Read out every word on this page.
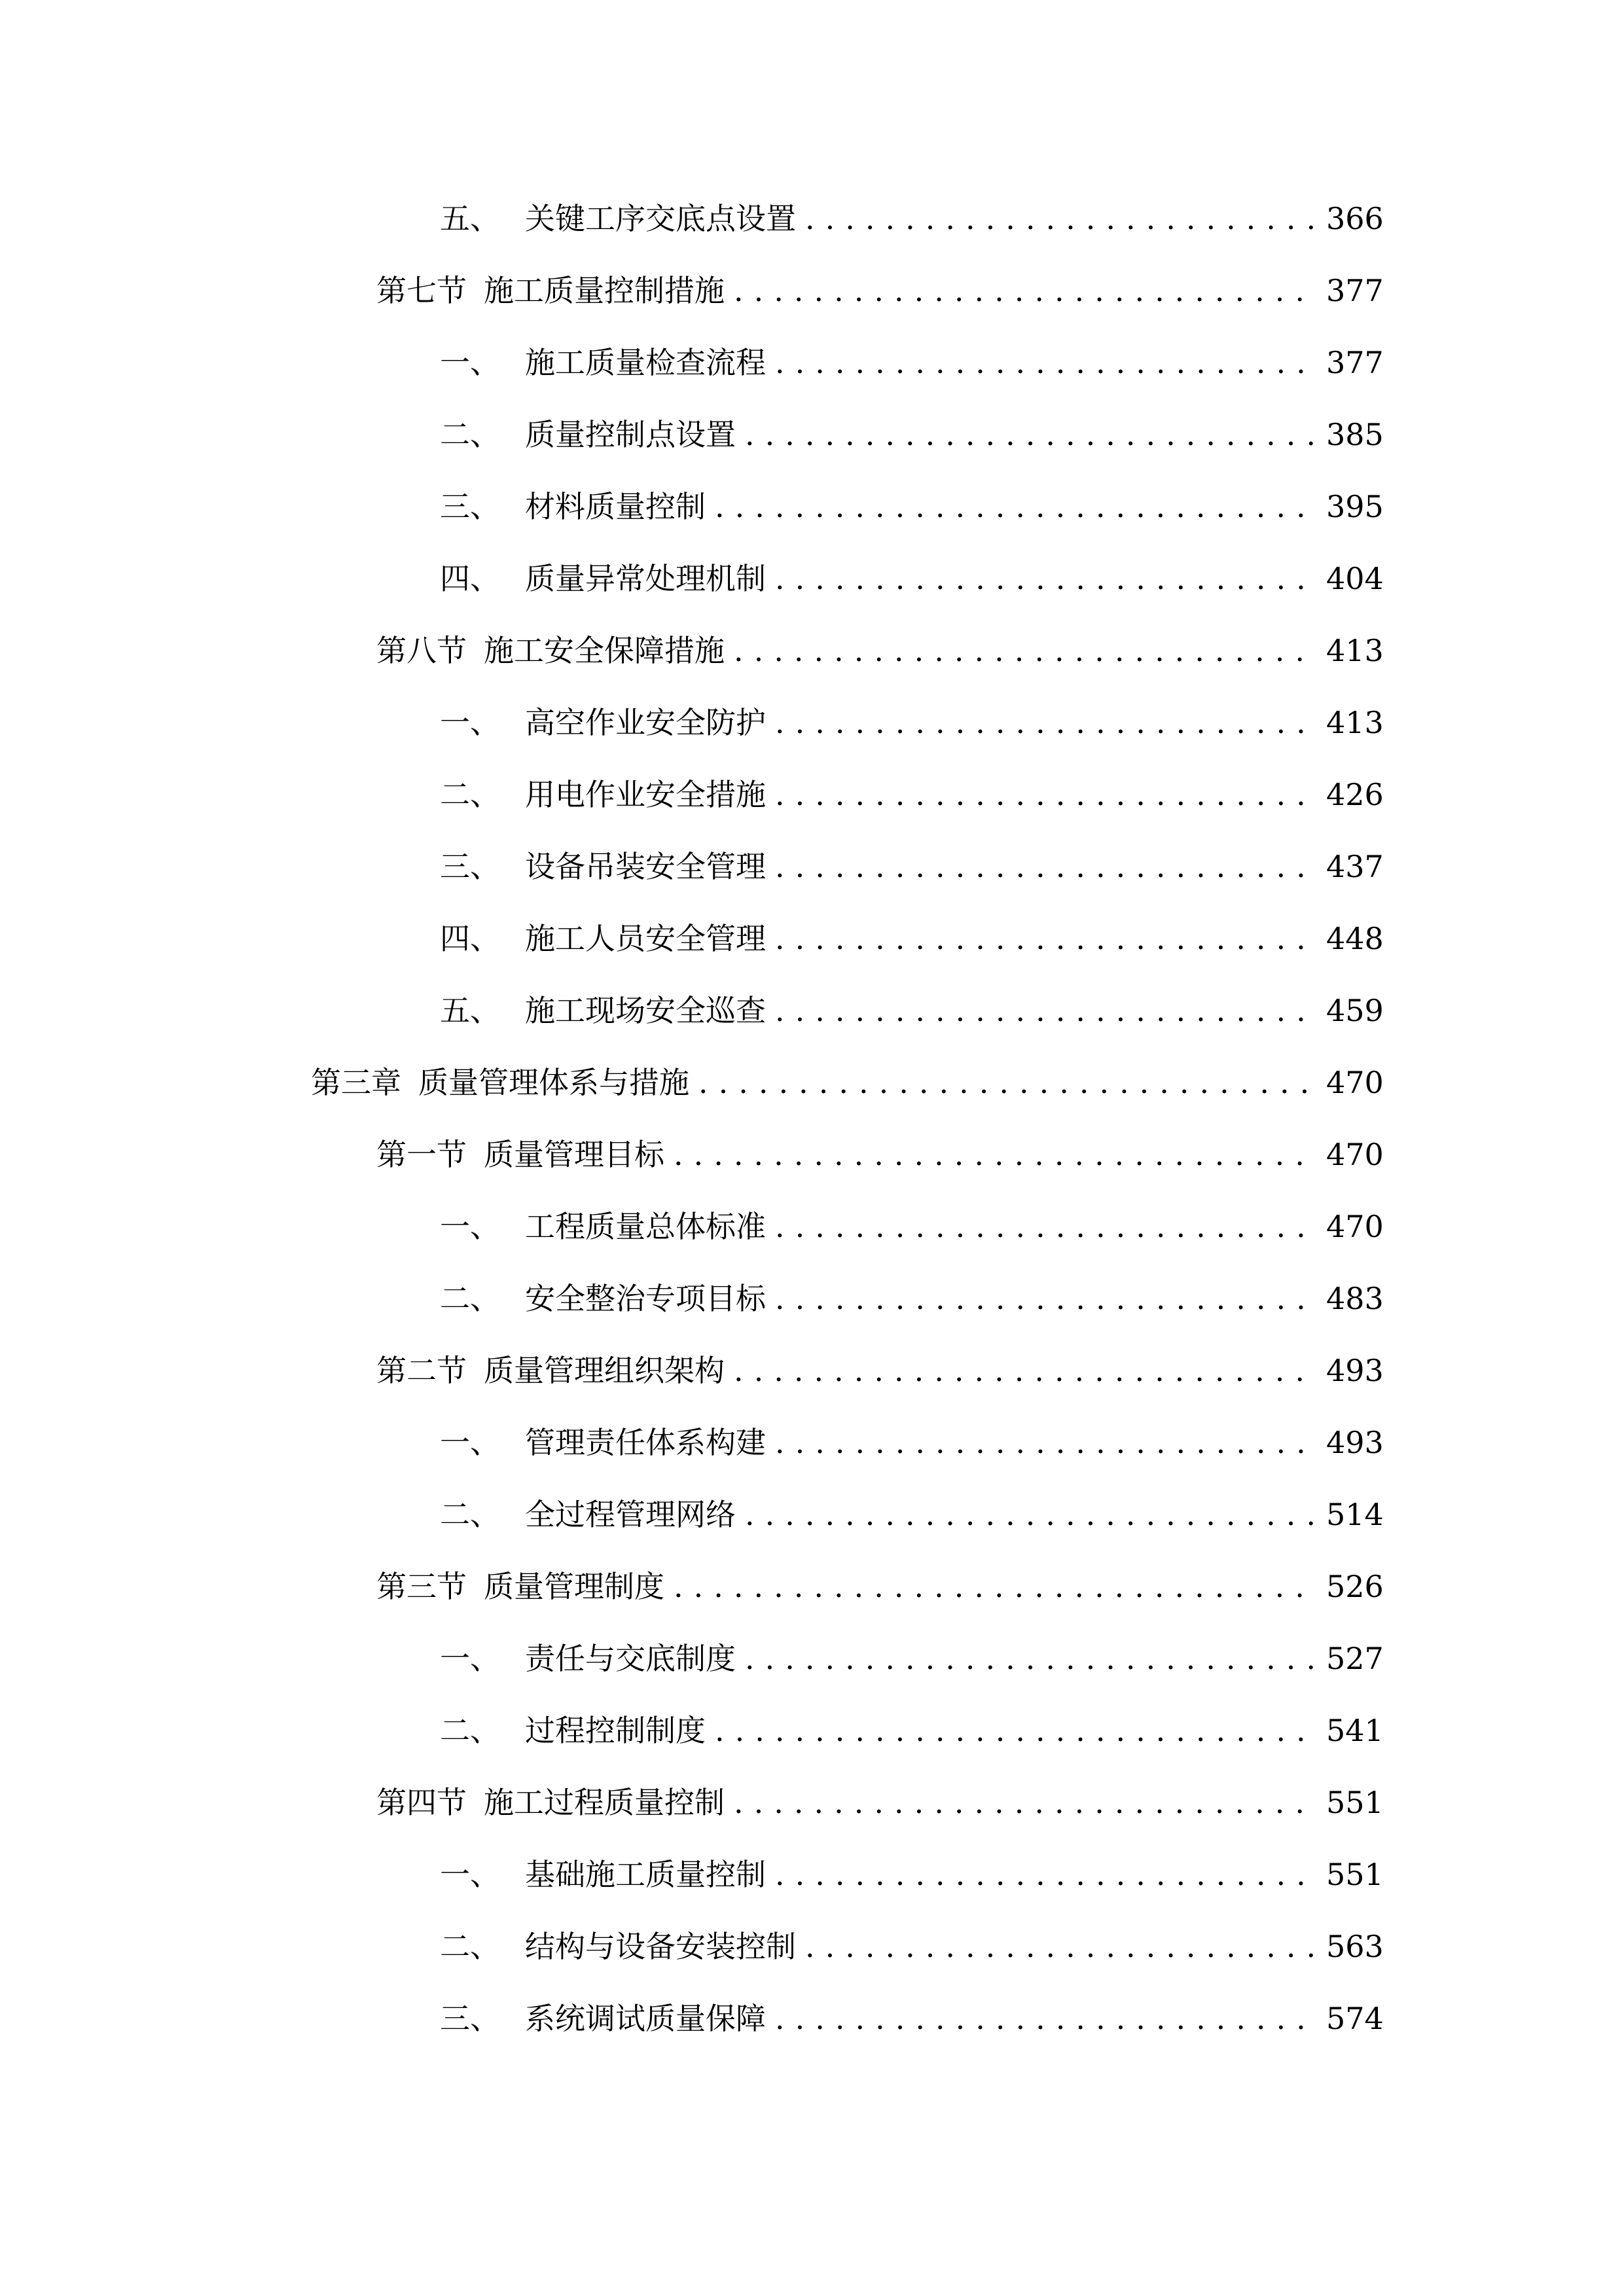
五、 关键工序交底点设置 .....	366
第七节 施工质量控制措施 .....	377
一、 施工质量检查流程 .....	377
二、 质量控制点设置 .....	385
三、 材料质量控制 .....	395
四、 质量异常处理机制 .....	404
第八节 施工安全保障措施 .....	413
一、 高空作业安全防护 .....	413
二、 用电作业安全措施 .....	426
三、 设备吊装安全管理 .....	437
四、 施工人员安全管理 .....	448
五、 施工现场安全巡查 .....	459
第三章 质量管理体系与措施 .....	470
第一节 质量管理目标 .....	470
一、 工程质量总体标准 .....	470
二、 安全整治专项目标 .....	483
第二节 质量管理组织架构 .....	493
一、 管理责任体系构建 .....	493
二、 全过程管理网络 .....	514
第三节 质量管理制度 .....	526
一、 责任与交底制度 .....	527
二、 过程控制制度 .....	541
第四节 施工过程质量控制 .....	551
一、 基础施工质量控制 .....	551
二、 结构与设备安装控制 .....	563
三、 系统调试质量保障 .....	574
